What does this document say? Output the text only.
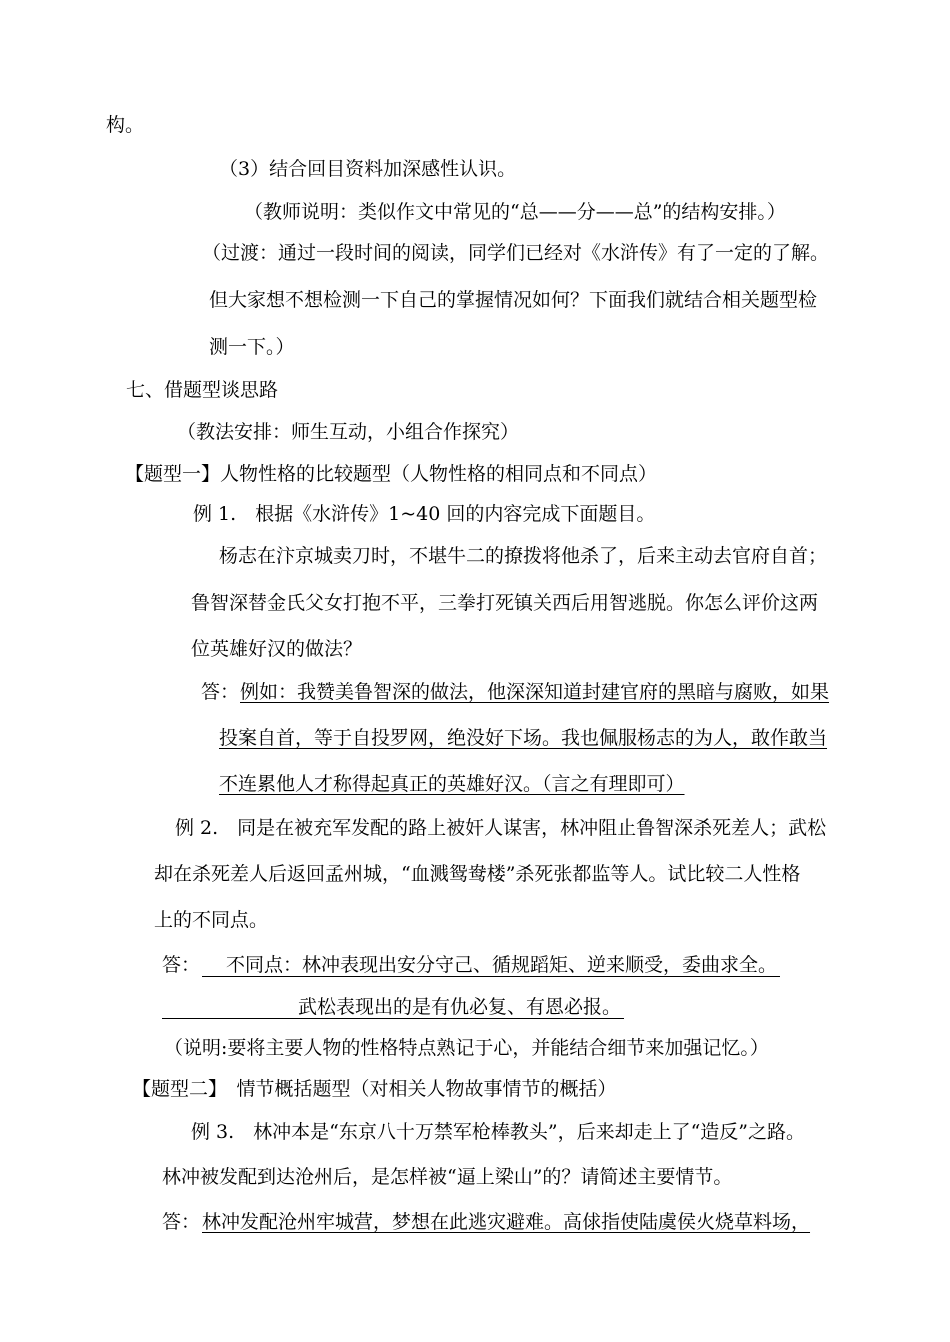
构。
（3）结合回目资料加深感性认识。
（教师说明：类似作文中常见的“总——分——总”的结构安排。）
（过渡：通过一段时间的阅读，同学们已经对《水浒传》有了一定的了解。
但大家想不想检测一下自己的掌握情况如何？下面我们就结合相关题型检
测一下。）
七、借题型谈思路
（教法安排：师生互动，小组合作探究）
【题型一】人物性格的比较题型（人物性格的相同点和不同点）
例 1.　根据《水浒传》1~40 回的内容完成下面题目。
杨志在汴京城卖刀时，不堪牛二的撩拨将他杀了，后来主动去官府自首；
鲁智深替金氏父女打抱不平，三拳打死镇关西后用智逃脱。你怎么评价这两
位英雄好汉的做法？
答： 例如：我赞美鲁智深的做法，他深深知道封建官府的黑暗与腐败，如果
投案自首，等于自投罗网，绝没好下场。我也佩服杨志的为人，敢作敢当
不连累他人才称得起真正的英雄好汉。（言之有理即可）
例 2.　同是在被充军发配的路上被奸人谋害，林冲阻止鲁智深杀死差人；武松
却在杀死差人后返回孟州城，“血溅鸳鸯楼”杀死张都监等人。试比较二人性格
上的不同点。
答： 不同点：林冲表现出安分守己、循规蹈矩、逆来顺受，委曲求全。
武松表现出的是有仇必复、有恩必报。
（说明:要将主要人物的性格特点熟记于心，并能结合细节来加强记忆。）
【题型二】　情节概括题型（对相关人物故事情节的概括）
例 3.　林冲本是“东京八十万禁军枪棒教头”，后来却走上了“造反”之路。
林冲被发配到达沧州后，是怎样被“逼上梁山”的？请简述主要情节。
答： 林冲发配沧州牢城营，梦想在此逃灾避难。高俅指使陆虞侯火烧草料场，
